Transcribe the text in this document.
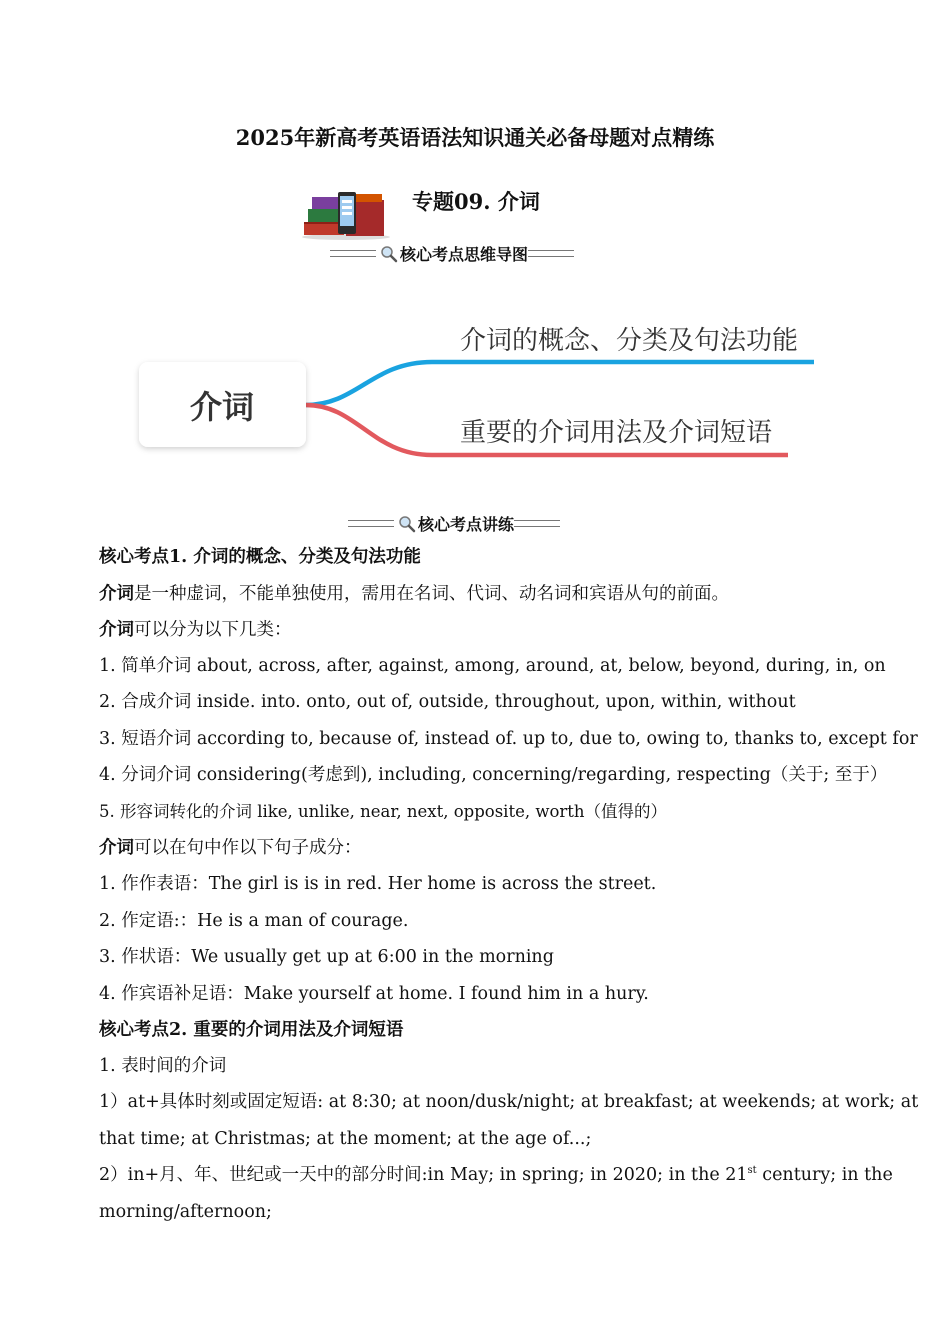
2025年新高考英语语法知识通关必备母题对点精练
专题09. 介词
核心考点思维导图
介词
介词的概念、分类及句法功能
重要的介词用法及介词短语
核心考点讲练
核心考点1. 介词的概念、分类及句法功能
介词是一种虚词，不能单独使用，需用在名词、代词、动名词和宾语从句的前面。
介词可以分为以下几类：
1. 简单介词 about, across, after, against, among, around, at, below, beyond, during, in, on
2. 合成介词 inside. into. onto, out of, outside, throughout, upon, within, without
3. 短语介词 according to, because of, instead of. up to, due to, owing to, thanks to, except for
4. 分词介词 considering(考虑到), including, concerning/regarding, respecting（关于; 至于）
5. 形容词转化的介词 like, unlike, near, next, opposite, worth（值得的）
介词可以在句中作以下句子成分：
1. 作作表语：The girl is is in red. Her home is across the street.
2. 作定语:：He is a man of courage.
3. 作状语：We usually get up at 6:00 in the morning
4. 作宾语补足语：Make yourself at home. I found him in a hury.
核心考点2. 重要的介词用法及介词短语
1. 表时间的介词
1）at+具体时刻或固定短语: at 8:30; at noon/dusk/night; at breakfast; at weekends; at work; at
that time; at Christmas; at the moment; at the age of...;
2）in+月、年、世纪或一天中的部分时间:in May; in spring; in 2020; in the 21st century; in the
morning/afternoon;
